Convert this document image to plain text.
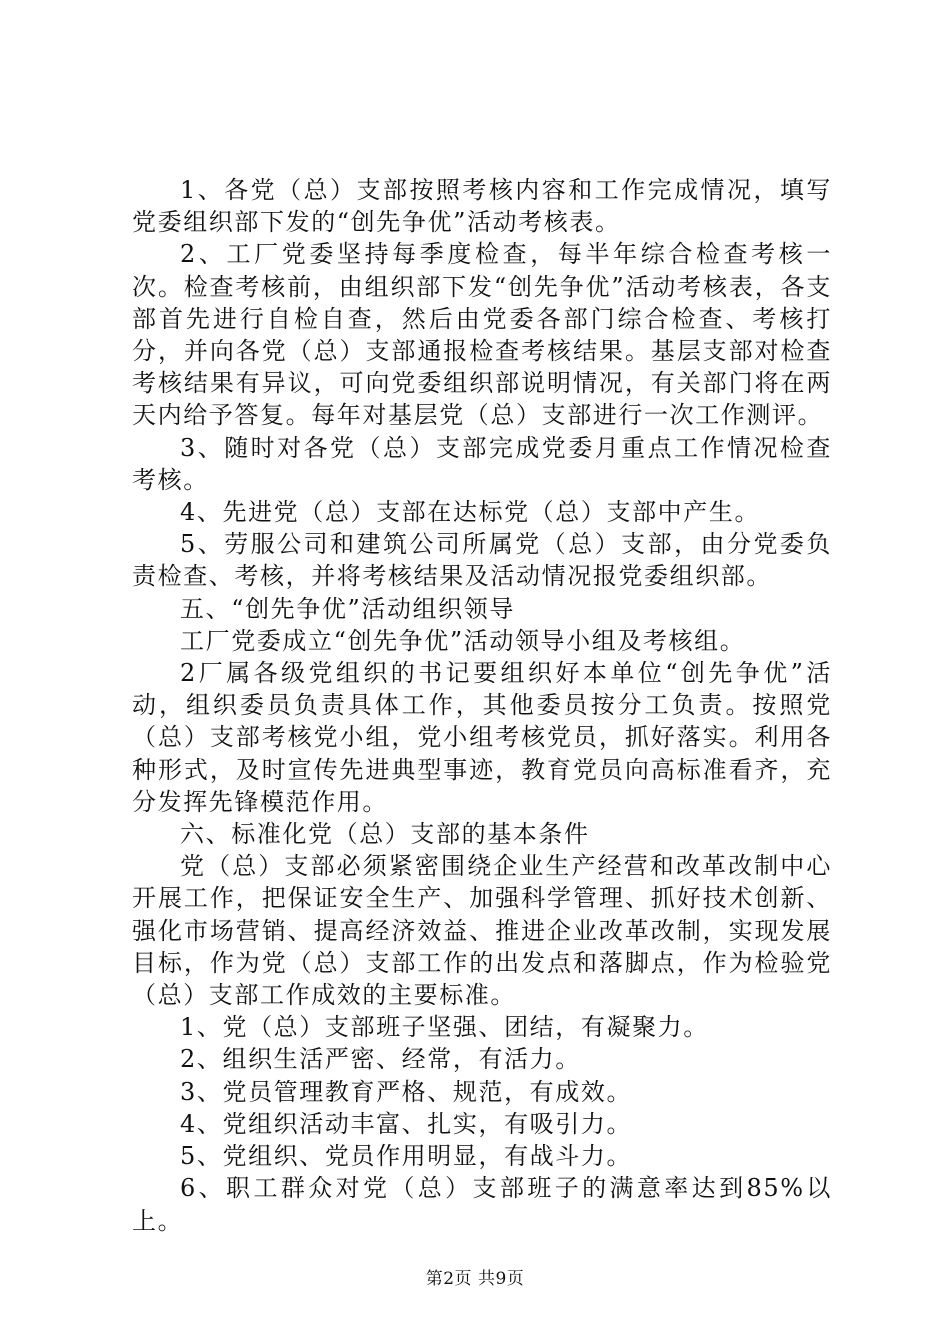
1、各党（总）支部按照考核内容和工作完成情况，填写党委组织部下发的“创先争优”活动考核表。

2、工厂党委坚持每季度检查，每半年综合检查考核一次。检查考核前，由组织部下发“创先争优”活动考核表，各支部首先进行自检自查，然后由党委各部门综合检查、考核打分，并向各党（总）支部通报检查考核结果。基层支部对检查考核结果有异议，可向党委组织部说明情况，有关部门将在两天内给予答复。每年对基层党（总）支部进行一次工作测评。

3、随时对各党（总）支部完成党委月重点工作情况检查考核。

4、先进党（总）支部在达标党（总）支部中产生。

5、劳服公司和建筑公司所属党（总）支部，由分党委负责检查、考核，并将考核结果及活动情况报党委组织部。

五、“创先争优”活动组织领导

工厂党委成立“创先争优”活动领导小组及考核组。

2厂属各级党组织的书记要组织好本单位“创先争优”活动，组织委员负责具体工作，其他委员按分工负责。按照党（总）支部考核党小组，党小组考核党员，抓好落实。利用各种形式，及时宣传先进典型事迹，教育党员向高标准看齐，充分发挥先锋模范作用。

六、标准化党（总）支部的基本条件

党（总）支部必须紧密围绕企业生产经营和改革改制中心开展工作，把保证安全生产、加强科学管理、抓好技术创新、强化市场营销、提高经济效益、推进企业改革改制，实现发展目标，作为党（总）支部工作的出发点和落脚点，作为检验党（总）支部工作成效的主要标准。

1、党（总）支部班子坚强、团结，有凝聚力。

2、组织生活严密、经常，有活力。

3、党员管理教育严格、规范，有成效。

4、党组织活动丰富、扎实，有吸引力。

5、党组织、党员作用明显，有战斗力。

6、职工群众对党（总）支部班子的满意率达到85%以上。

第2页 共9页
